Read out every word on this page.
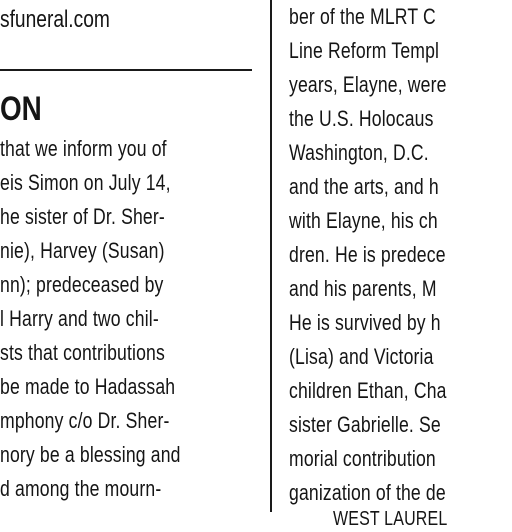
sfuneral.com
ON
that we inform you of
eis Simon on July 14,
he sister of Dr. Sher-
nie), Harvey (Susan)
nn); predeceased by
l Harry and two chil-
sts that contributions
be made to Hadassah
mphony c/o Dr. Sher-
nory be a blessing and
d among the mourn-
ber of the MLRT C
Line Reform Templ
years, Elayne, were
the U.S. Holocaus
Washington, D.C.
and the arts, and h
with Elayne, his ch
dren. He is predece
and his parents, M
He is survived by h
(Lisa) and Victoria
children Ethan, Cha
sister Gabrielle. Se
morial contribution
ganization of the de
WEST LAUREL
